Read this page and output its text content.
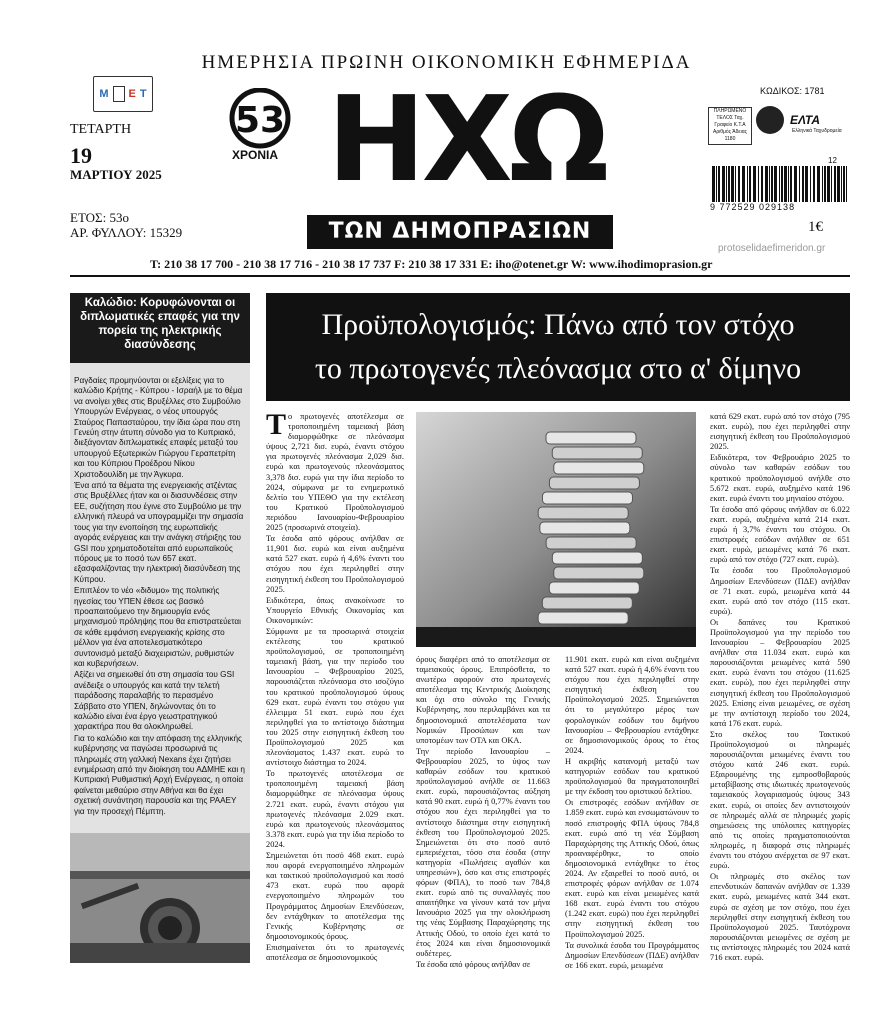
ΗΜΕΡΗΣΙΑ ΠΡΩΙΝΗ ΟΙΚΟΝΟΜΙΚΗ ΕΦΗΜΕΡΙΔΑ
M E T
ΤΕΤΑΡΤΗ
19
ΜΑΡΤΙΟΥ 2025
ΕΤΟΣ: 53ο
ΑΡ. ΦΥΛΛΟΥ: 15329
53
ΧΡΟΝΙΑ ΗΧΩ
ΤΩΝ ΔΗΜΟΠΡΑΣΙΩΝ
ΚΩΔΙΚΟΣ: 1781
ΠΛΗΡΩΜΕΝΟ ΤΕΛΟΣ Ταχ. Γραφείο Κ.Τ.Α Αριθμός Άδειας 1180
ΕΛΤΑ
Ελληνικά Ταχυδρομεία
12
9 772529 029138
1€
protoselidaefimeridon.gr
T: 210 38 17 700 - 210 38 17 716 - 210 38 17 737 F: 210 38 17 331 E: iho@otenet.gr W: www.ihodimoprasion.gr
Καλώδιο: Κορυφώνονται οι διπλωματικές επαφές για την πορεία της ηλεκτρικής διασύνδεσης

Ραγδαίες προμηνύονται οι εξελίξεις για το καλώδιο Κρήτης - Κύπρου - Ισραήλ με το θέμα να ανοίγει χθες στις Βρυξέλλες στο Συμβούλιο Υπουργών Ενέργειας, ο νέος υπουργός Σταύρος Παπασταύρου, την ίδια ώρα που στη Γενεύη στην άτυπη σύνοδο για το Κυπριακό, διεξάγονταν διπλωματικές επαφές μεταξύ του υπουργού Εξωτερικών Γιώργου Γεραπετρίτη και του Κύπριου Προέδρου Νίκου Χριστοδουλίδη με την Άγκυρα.

Ένα από τα θέματα της ενεργειακής ατζέντας στις Βρυξέλλες ήταν και οι διασυνδέσεις στην ΕΕ, συζήτηση που έγινε στο Συμβούλιο με την ελληνική πλευρά να υπογραμμίζει την σημασία τους για την ενοποίηση της ευρωπαϊκής αγοράς ενέργειας και την ανάγκη στήριξης του GSI που χρηματοδοτείται από ευρωπαϊκούς πόρους με το ποσό των 657 εκατ. εξασφαλίζοντας την ηλεκτρική διασύνδεση της Κύπρου.

Επιπλέον το νέο «διδυμο» της πολιτικής ηγεσίας του ΥΠΕΝ έθεσε ως βασικό προαπαιτούμενο την δημιουργία ενός μηχανισμού πρόληψης που θα επιστρατεύεται σε κάθε εμφάνιση ενεργειακής κρίσης στο μέλλον για ένα αποτελεσματικότερο συντονισμό μεταξύ διαχειριστών, ρυθμιστών και κυβερνήσεων.

Αξίζει να σημειωθεί ότι στη σημασία του GSI ανέδειξε ο υπουργός και κατά την τελετή παράδοσης παραλαβής το περασμένο Σάββατο στο ΥΠΕΝ, δηλώνοντας ότι το καλώδιο είναι ένα έργο γεωστρατηγικού χαρακτήρα που θα ολοκληρωθεί.

Για το καλώδιο και την απόφαση της ελληνικής κυβέρνησης να παγώσει προσωρινά τις πληρωμές στη γαλλική Nexans έχει ζητήσει ενημέρωση από την διοίκηση του ΑΔΜΗΕ και η Κυπριακή Ρυθμιστική Αρχή Ενέργειας, η οποία φαίνεται μεθαύριο στην Αθήνα και θα έχει σχετική συνάντηση παρουσία και της ΡΑΑΕΥ για την προσεχή Πέμπτη.

Προϋπολογισμός: Πάνω από τον στόχο
το πρωτογενές πλεόνασμα στο α' δίμηνο

Το πρωτογενές αποτέλεσμα σε τροποποιημένη ταμειακή βάση διαμορφώθηκε σε πλεόνασμα ύψους 2,721 δισ. ευρώ, έναντι στόχου για πρωτογενές πλεόνασμα 2,029 δισ. ευρώ και πρωτογενούς πλεονάσματος 3,378 δισ. ευρώ για την ίδια περίοδο το 2024, σύμφωνα με το ενημερωτικό δελτίο του ΥΠΕΘΟ για την εκτέλεση του Κρατικού Προϋπολογισμού περιόδου Ιανουαρίου-Φεβρουαρίου 2025 (προσωρινά στοιχεία).

Τα έσοδα από φόρους ανήλθαν σε 11,901 δισ. ευρώ και είναι αυξημένα κατά 527 εκατ. ευρώ ή 4,6% έναντι του στόχου που έχει περιληφθεί στην εισηγητική έκθεση του Προϋπολογισμού 2025.

Ειδικότερα, όπως ανακοίνωσε το Υπουργείο Εθνικής Οικονομίας και Οικονομικών:

Σύμφωνα με τα προσωρινά στοιχεία εκτέλεσης του κρατικού προϋπολογισμού, σε τροποποιημένη ταμειακή βάση, για την περίοδο του Ιανουαρίου – Φεβρουαρίου 2025, παρουσιάζεται πλεόνασμα στο ισοζύγιο του κρατικού προϋπολογισμού ύψους 629 εκατ. ευρώ έναντι του στόχου για έλλειμμα 51 εκατ. ευρώ που έχει περιληφθεί για το αντίστοιχο διάστημα του 2025 στην εισηγητική έκθεση του Προϋπολογισμού 2025 και πλεονάσματος 1.437 εκατ. ευρώ το αντίστοιχο διάστημα το 2024.

Το πρωτογενές αποτέλεσμα σε τροποποιημένη ταμειακή βάση διαμορφώθηκε σε πλεόνασμα ύψους 2.721 εκατ. ευρώ, έναντι στόχου για πρωτογενές πλεόνασμα 2.029 εκατ. ευρώ και πρωτογενούς πλεονάσματος 3.378 εκατ. ευρώ για την ίδια περίοδο το 2024.

Σημειώνεται ότι ποσό 468 εκατ. ευρώ που αφορά ενεργοποιημένο πληρωμών και τακτικού προϋπολογισμού και ποσό 473 εκατ. ευρώ που αφορά ενεργοποιημένο πληρωμών του Προγράμματος Δημοσίων Επενδύσεων, δεν εντάχθηκαν το αποτέλεσμα της Γενικής Κυβέρνησης σε δημοσιονομικούς όρους.

Επισημαίνεται ότι το πρωτογενές αποτέλεσμα σε δημοσιονομικούς

όρους διαφέρει από το αποτέλεσμα σε ταμειακούς όρους. Επιπρόσθετα, το ανωτέρω αφορούν στο πρωτογενές αποτέλεσμα της Κεντρικής Διοίκησης και όχι στο σύνολο της Γενικής Κυβέρνησης, που περιλαμβάνει και τα δημοσιονομικά αποτελέσματα των Νομικών Προσώπων και των υποτομέων των ΟΤΑ και ΟΚΑ.

Την περίοδο Ιανουαρίου – Φεβρουαρίου 2025, το ύψος των καθαρών εσόδων του κρατικού προϋπολογισμού ανήλθε σε 11.663 εκατ. ευρώ, παρουσιάζοντας αύξηση κατά 90 εκατ. ευρώ ή 0,77% έναντι του στόχου που έχει περιληφθεί για το αντίστοιχο διάστημα στην εισηγητική έκθεση του Προϋπολογισμού 2025. Σημειώνεται ότι στο ποσό αυτό εμπεριέχεται, τόσο στα έσοδα (στην κατηγορία «Πωλήσεις αγαθών και υπηρεσιών»), όσο και στις επιστροφές φόρων (ΦΠΑ), το ποσό των 784,8 εκατ. ευρώ από τις συναλλαγές που απαιτήθηκε να γίνουν κατά τον μήνα Ιανουάριο 2025 για την ολοκλήρωση της νέας Σύμβασης Παραχώρησης της Αττικής Οδού, το οποίο έχει κατά το έτος 2024 και είναι δημοσιονομικά ουδέτερες.

Τα έσοδα από φόρους ανήλθαν σε

11.901 εκατ. ευρώ και είναι αυξημένα κατά 527 εκατ. ευρώ ή 4,6% έναντι του στόχου που έχει περιληφθεί στην εισηγητική έκθεση του Προϋπολογισμού 2025. Σημειώνεται ότι το μεγαλύτερο μέρος των φορολογικών εσόδων του διμήνου Ιανουαρίου – Φεβρουαρίου εντάχθηκε σε δημοσιονομικούς όρους το έτος 2024.

Η ακριβής κατανομή μεταξύ των κατηγοριών εσόδων του κρατικού προϋπολογισμού θα πραγματοποιηθεί με την έκδοση του οριστικού δελτίου.

Οι επιστροφές εσόδων ανήλθαν σε 1.859 εκατ. ευρώ και ενσωματώνουν το ποσό επιστροφής ΦΠΑ ύψους 784,8 εκατ. ευρώ από τη νέα Σύμβαση Παραχώρησης της Αττικής Οδού, όπως προαναφέρθηκε, το οποίο δημοσιονομικά εντάχθηκε το έτος 2024. Αν εξαιρεθεί το ποσό αυτό, οι επιστροφές φόρων ανήλθαν σε 1.074 εκατ. ευρώ και είναι μειωμένες κατά 168 εκατ. ευρώ έναντι του στόχου (1.242 εκατ. ευρώ) που έχει περιληφθεί στην εισηγητική έκθεση του Προϋπολογισμού 2025.

Τα συνολικά έσοδα του Προγράμματος Δημοσίων Επενδύσεων (ΠΔΕ) ανήλθαν σε 166 εκατ. ευρώ, μειωμένα

κατά 629 εκατ. ευρώ από τον στόχο (795 εκατ. ευρώ), που έχει περιληφθεί στην εισηγητική έκθεση του Προϋπολογισμού 2025.

Ειδικότερα, τον Φεβρουάριο 2025 το σύνολο των καθαρών εσόδων του κρατικού προϋπολογισμού ανήλθε στο 5.672 εκατ. ευρώ, αυξημένο κατά 196 εκατ. ευρώ έναντι του μηνιαίου στόχου.

Τα έσοδα από φόρους ανήλθαν σε 6.022 εκατ. ευρώ, αυξημένα κατά 214 εκατ. ευρώ ή 3,7% έναντι του στόχου. Οι επιστροφές εσόδων ανήλθαν σε 651 εκατ. ευρώ, μειωμένες κατά 76 εκατ. ευρώ από τον στόχο (727 εκατ. ευρώ).

Τα έσοδα του Προϋπολογισμού Δημοσίων Επενδύσεων (ΠΔΕ) ανήλθαν σε 71 εκατ. ευρώ, μειωμένα κατά 44 εκατ. ευρώ από τον στόχο (115 εκατ. ευρώ).

Οι δαπάνες του Κρατικού Προϋπολογισμού για την περίοδο του Ιανουαρίου – Φεβρουαρίου 2025 ανήλθαν στα 11.034 εκατ. ευρώ και παρουσιάζονται μειωμένες κατά 590 εκατ. ευρώ έναντι του στόχου (11.625 εκατ. ευρώ), που έχει περιληφθεί στην εισηγητική έκθεση του Προϋπολογισμού 2025. Επίσης είναι μειωμένες, σε σχέση με την αντίστοιχη περίοδο του 2024, κατά 176 εκατ. ευρώ.

Στο σκέλος του Τακτικού Προϋπολογισμού οι πληρωμές παρουσιάζονται μειωμένες έναντι του στόχου κατά 246 εκατ. ευρώ. Εξαιρουμένης της εμπροσθοβαρούς μεταβίβασης στις ιδιωτικές πρωτογενούς ταμειακούς λογαριασμούς ύψους 343 εκατ. ευρώ, οι οποίες δεν αντιστοιχούν σε πληρωμές αλλά σε πληρωμές χωρίς σημειώσεις της υπόλοιπες κατηγορίες από τις οποίες πραγματοποιούνται πληρωμές, η διαφορά στις πληρωμές έναντι του στόχου ανέρχεται σε 97 εκατ. ευρώ.

Οι πληρωμές στο σκέλος των επενδυτικών δαπανών ανήλθαν σε 1.339 εκατ. ευρώ, μειωμένες κατά 344 εκατ. ευρώ σε σχέση με τον στόχο, που έχει περιληφθεί στην εισηγητική έκθεση του Προϋπολογισμού 2025. Ταυτόχρονα παρουσιάζονται μειωμένες σε σχέση με τις αντίστοιχες πληρωμές του 2024 κατά 716 εκατ. ευρώ.
